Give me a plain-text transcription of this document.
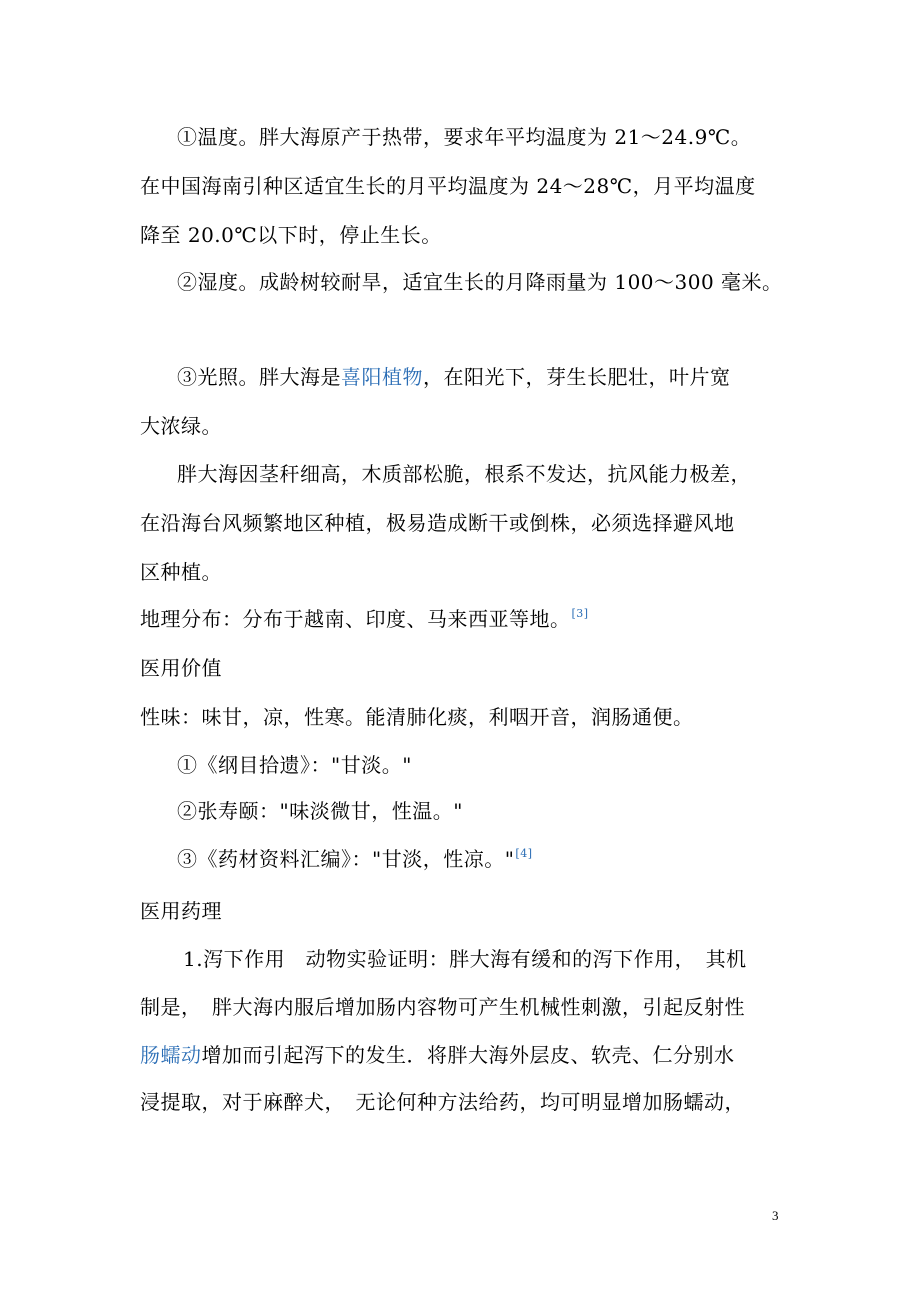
①温度。胖大海原产于热带，要求年平均温度为 21～24.9℃。
在中国海南引种区适宜生长的月平均温度为 24～28℃，月平均温度
降至 20.0℃以下时，停止生长。
②湿度。成龄树较耐旱，适宜生长的月降雨量为 100～300 毫米。
③光照。胖大海是喜阳植物，在阳光下，芽生长肥壮，叶片宽
大浓绿。
胖大海因茎秆细高，木质部松脆，根系不发达，抗风能力极差，
在沿海台风频繁地区种植，极易造成断干或倒株，必须选择避风地
区种植。
地理分布：分布于越南、印度、马来西亚等地。[3]
医用价值
性味：味甘，凉，性寒。能清肺化痰，利咽开音，润肠通便。
①《纲目拾遗》："甘淡。"
②张寿颐："味淡微甘，性温。"
③《药材资料汇编》："甘淡，性凉。"[4]
医用药理
1.泻下作用　动物实验证明：胖大海有缓和的泻下作用，　其机
制是，　胖大海内服后增加肠内容物可产生机械性刺激，引起反射性
肠蠕动增加而引起泻下的发生．将胖大海外层皮、软壳、仁分别水
浸提取，对于麻醉犬，　无论何种方法给药，均可明显增加肠蠕动，
3
